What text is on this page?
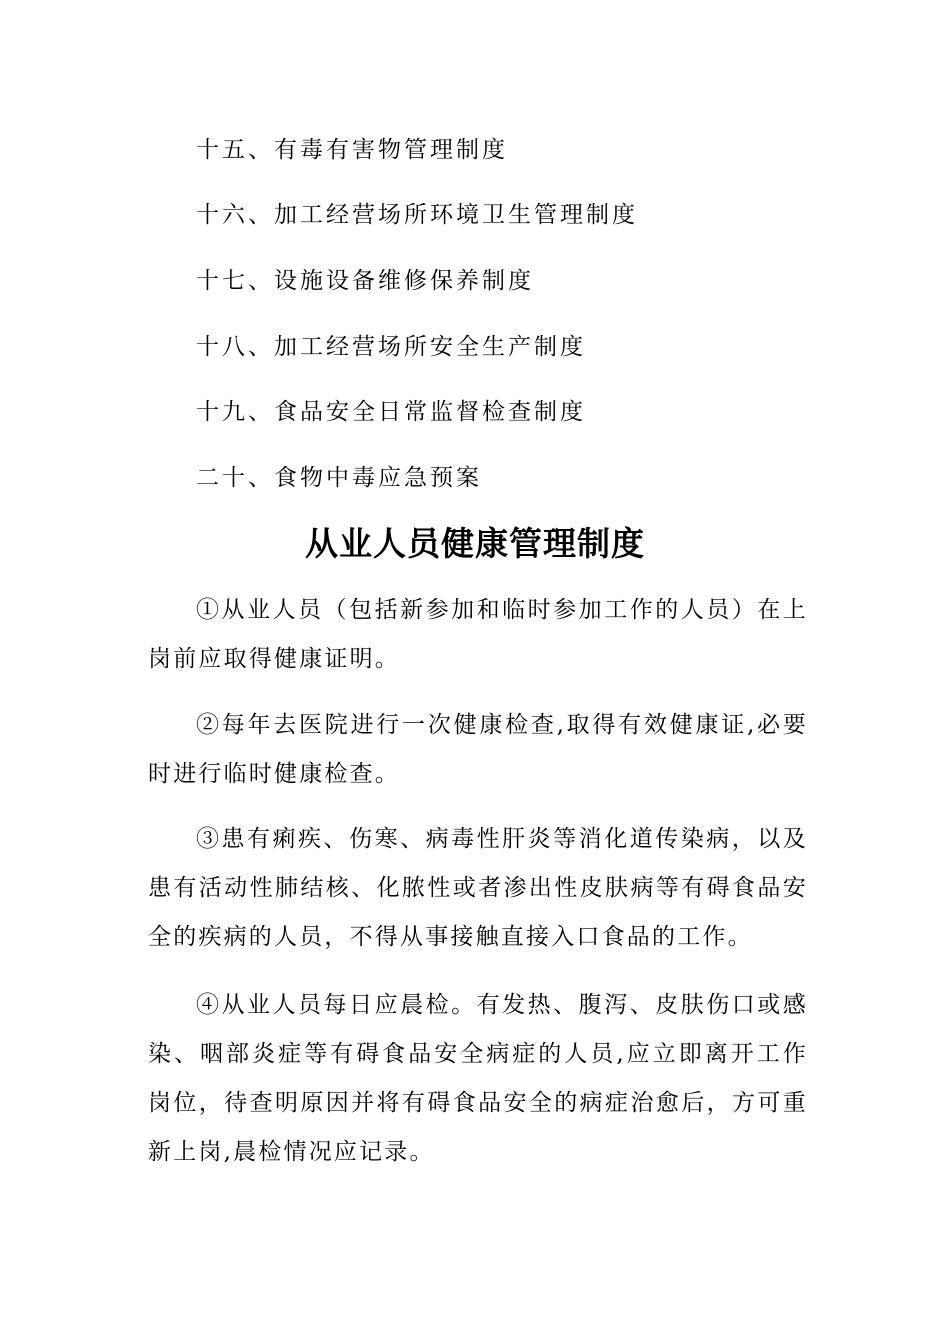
十五、有毒有害物管理制度
十六、加工经营场所环境卫生管理制度
十七、设施设备维修保养制度
十八、加工经营场所安全生产制度
十九、食品安全日常监督检查制度
二十、食物中毒应急预案
从业人员健康管理制度

①从业人员（包括新参加和临时参加工作的人员）在上岗前应取得健康证明。

②每年去医院进行一次健康检查,取得有效健康证,必要时进行临时健康检查。

③患有痢疾、伤寒、病毒性肝炎等消化道传染病，以及患有活动性肺结核、化脓性或者渗出性皮肤病等有碍食品安全的疾病的人员，不得从事接触直接入口食品的工作。

④从业人员每日应晨检。有发热、腹泻、皮肤伤口或感染、咽部炎症等有碍食品安全病症的人员,应立即离开工作岗位，待查明原因并将有碍食品安全的病症治愈后，方可重新上岗,晨检情况应记录。
